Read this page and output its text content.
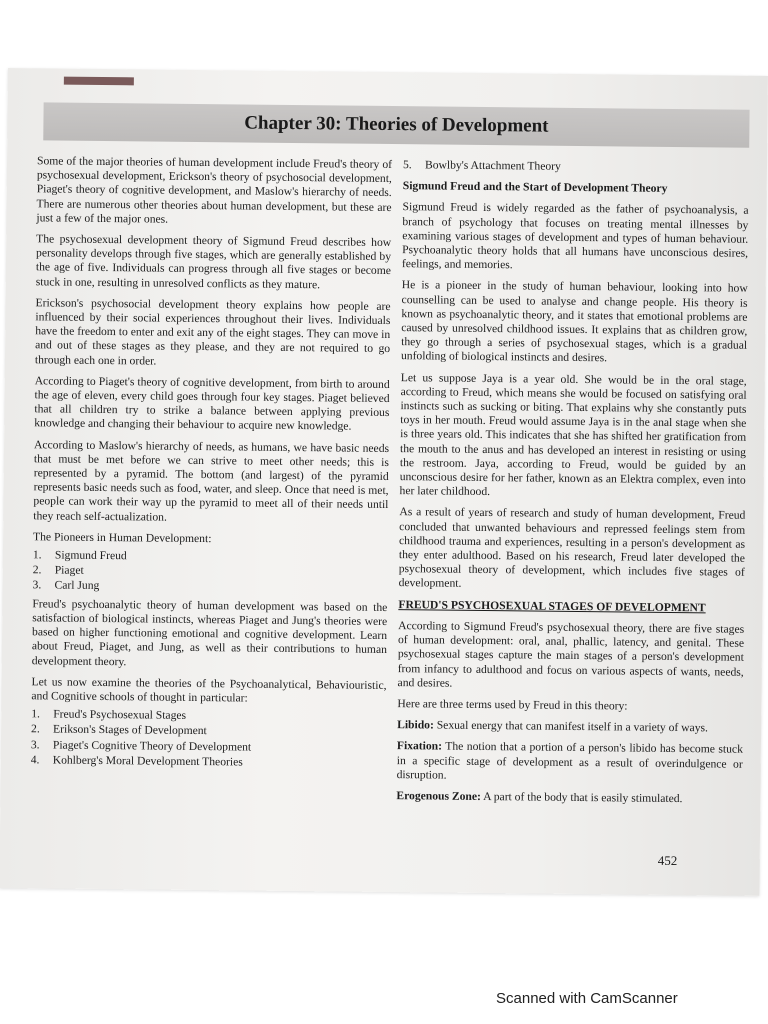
Chapter 30: Theories of Development

Some of the major theories of human development include Freud's theory of psychosexual development, Erickson's theory of psychosocial development, Piaget's theory of cognitive development, and Maslow's hierarchy of needs. There are numerous other theories about human development, but these are just a few of the major ones.

The psychosexual development theory of Sigmund Freud describes how personality develops through five stages, which are generally established by the age of five. Individuals can progress through all five stages or become stuck in one, resulting in unresolved conflicts as they mature.

Erickson's psychosocial development theory explains how people are influenced by their social experiences throughout their lives. Individuals have the freedom to enter and exit any of the eight stages. They can move in and out of these stages as they please, and they are not required to go through each one in order.

According to Piaget's theory of cognitive development, from birth to around the age of eleven, every child goes through four key stages. Piaget believed that all children try to strike a balance between applying previous knowledge and changing their behaviour to acquire new knowledge.

According to Maslow's hierarchy of needs, as humans, we have basic needs that must be met before we can strive to meet other needs; this is represented by a pyramid. The bottom (and largest) of the pyramid represents basic needs such as food, water, and sleep. Once that need is met, people can work their way up the pyramid to meet all of their needs until they reach self-actualization.

The Pioneers in Human Development:

1.	Sigmund Freud
2.	Piaget
3.	Carl Jung

Freud's psychoanalytic theory of human development was based on the satisfaction of biological instincts, whereas Piaget and Jung's theories were based on higher functioning emotional and cognitive development. Learn about Freud, Piaget, and Jung, as well as their contributions to human development theory.

Let us now examine the theories of the Psychoanalytical, Behaviouristic, and Cognitive schools of thought in particular:

1.	Freud's Psychosexual Stages
2.	Erikson's Stages of Development
3.	Piaget's Cognitive Theory of Development
4.	Kohlberg's Moral Development Theories
5.	Bowlby's Attachment Theory
Sigmund Freud and the Start of Development Theory

Sigmund Freud is widely regarded as the father of psychoanalysis, a branch of psychology that focuses on treating mental illnesses by examining various stages of development and types of human behaviour. Psychoanalytic theory holds that all humans have unconscious desires, feelings, and memories.

He is a pioneer in the study of human behaviour, looking into how counselling can be used to analyse and change people. His theory is known as psychoanalytic theory, and it states that emotional problems are caused by unresolved childhood issues. It explains that as children grow, they go through a series of psychosexual stages, which is a gradual unfolding of biological instincts and desires.

Let us suppose Jaya is a year old. She would be in the oral stage, according to Freud, which means she would be focused on satisfying oral instincts such as sucking or biting. That explains why she constantly puts toys in her mouth. Freud would assume Jaya is in the anal stage when she is three years old. This indicates that she has shifted her gratification from the mouth to the anus and has developed an interest in resisting or using the restroom. Jaya, according to Freud, would be guided by an unconscious desire for her father, known as an Elektra complex, even into her later childhood.

As a result of years of research and study of human development, Freud concluded that unwanted behaviours and repressed feelings stem from childhood trauma and experiences, resulting in a person's development as they enter adulthood. Based on his research, Freud later developed the psychosexual theory of development, which includes five stages of development.

FREUD'S PSYCHOSEXUAL STAGES OF DEVELOPMENT

According to Sigmund Freud's psychosexual theory, there are five stages of human development: oral, anal, phallic, latency, and genital. These psychosexual stages capture the main stages of a person's development from infancy to adulthood and focus on various aspects of wants, needs, and desires.

Here are three terms used by Freud in this theory:

Libido: Sexual energy that can manifest itself in a variety of ways.

Fixation: The notion that a portion of a person's libido has become stuck in a specific stage of development as a result of overindulgence or disruption.

Erogenous Zone: A part of the body that is easily stimulated.

452
Scanned with CamScanner
